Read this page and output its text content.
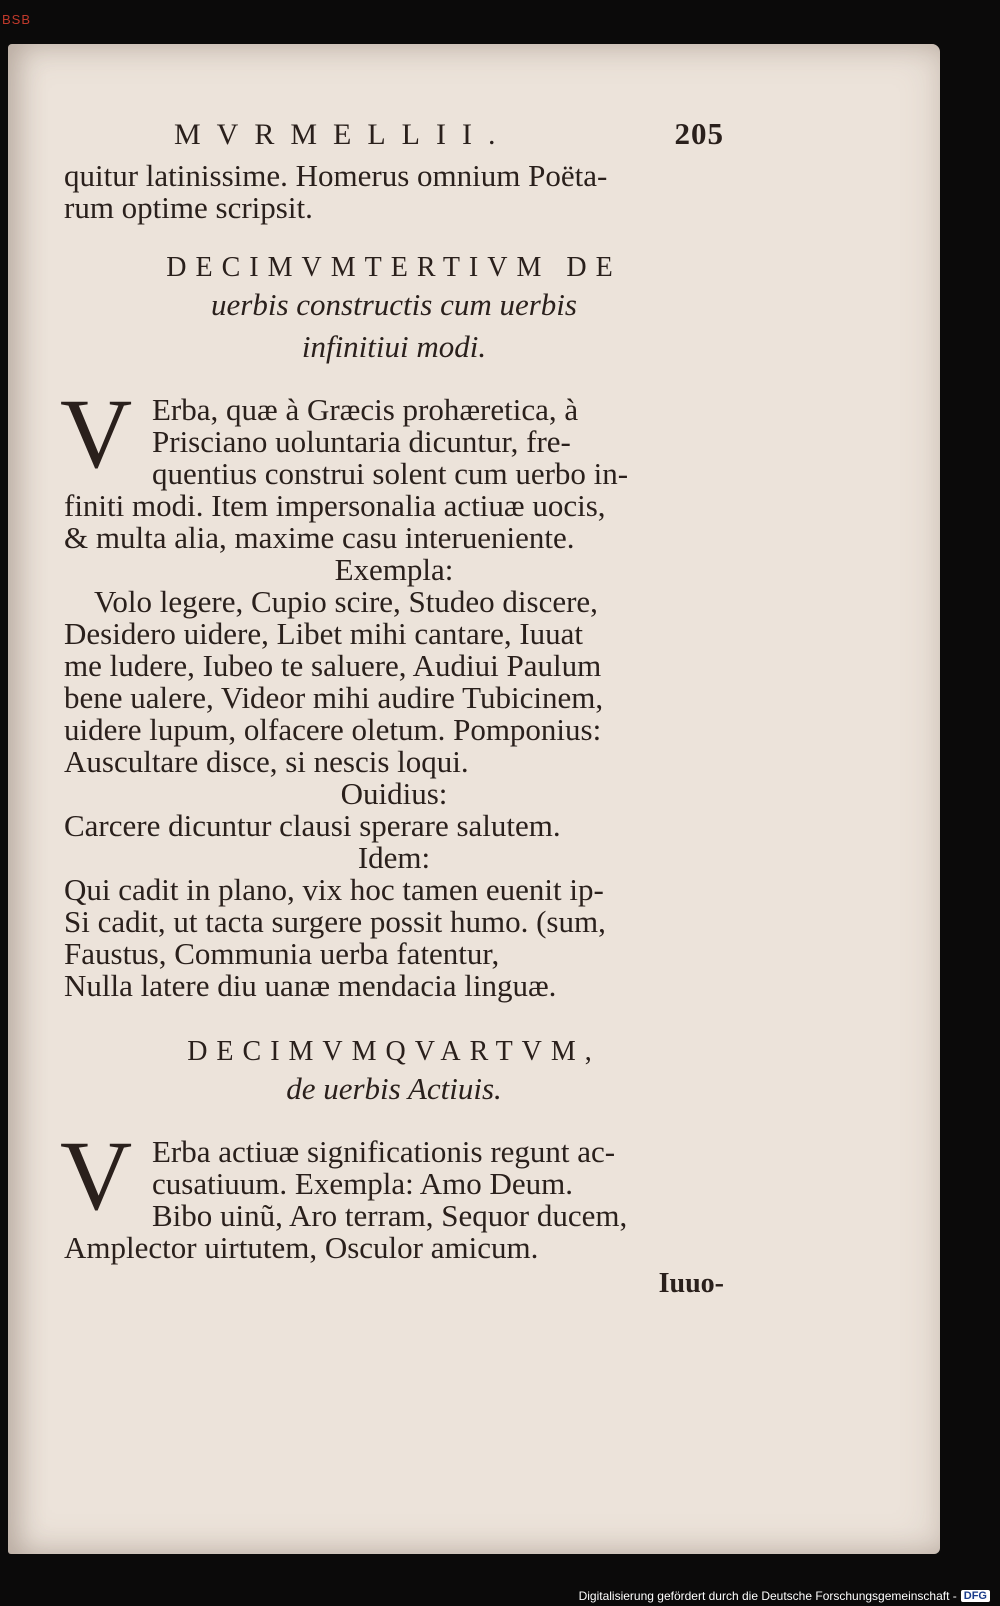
BSB
MVRMELLII.	205
quitur latinissime. Homerus omnium Poëta-
rum optime scripsit.
DECIMVMTERTIVM DE
uerbis constructis cum uerbis
infinitiui modi.
V Erba, quæ à Græcis prohæretica, à
Prisciano uoluntaria dicuntur, fre-
quentius construi solent cum uerbo in-
finiti modi. Item impersonalia actiuæ uocis,
& multa alia, maxime casu interueniente.
Exempla:
Volo legere, Cupio scire, Studeo discere,
Desidero uidere, Libet mihi cantare, Iuuat
me ludere, Iubeo te saluere, Audiui Paulum
bene ualere, Videor mihi audire Tubicinem,
uidere lupum, olfacere oletum. Pomponius:
Auscultare disce, si nescis loqui.
Ouidius:
Carcere dicuntur clausi sperare salutem.
Idem:
Qui cadit in plano, vix hoc tamen euenit ip-
Si cadit, ut tacta surgere possit humo. (sum,
Faustus, Communia uerba fatentur,
Nulla latere diu uanæ mendacia linguæ.
DECIMVMQVARTVM,
de uerbis Actiuis.
V Erba actiuæ significationis regunt ac-
cusatiuum. Exempla: Amo Deum.
Bibo uinũ, Aro terram, Sequor ducem,
Amplector uirtutem, Osculor amicum.
Iuuo-
Digitalisierung gefördert durch die Deutsche Forschungsgemeinschaft - DFG
